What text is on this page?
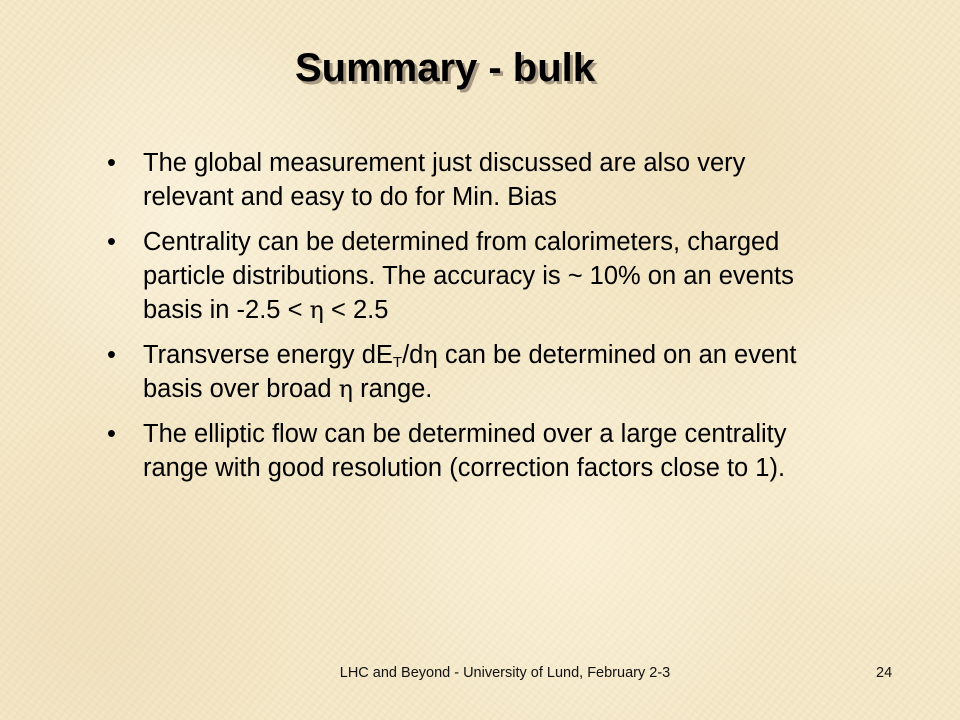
Summary - bulk
• The global measurement just discussed are also very relevant and easy to do for Min. Bias
• Centrality can be determined from calorimeters, charged particle distributions. The accuracy is ~ 10% on an events basis in -2.5 < η < 2.5
• Transverse energy $dE_T/d\eta$ can be determined on an event basis over broad η range.
• The elliptic flow can be determined over a large centrality range with good resolution (correction factors close to 1).
LHC and Beyond - University of Lund, February 2-3	24
